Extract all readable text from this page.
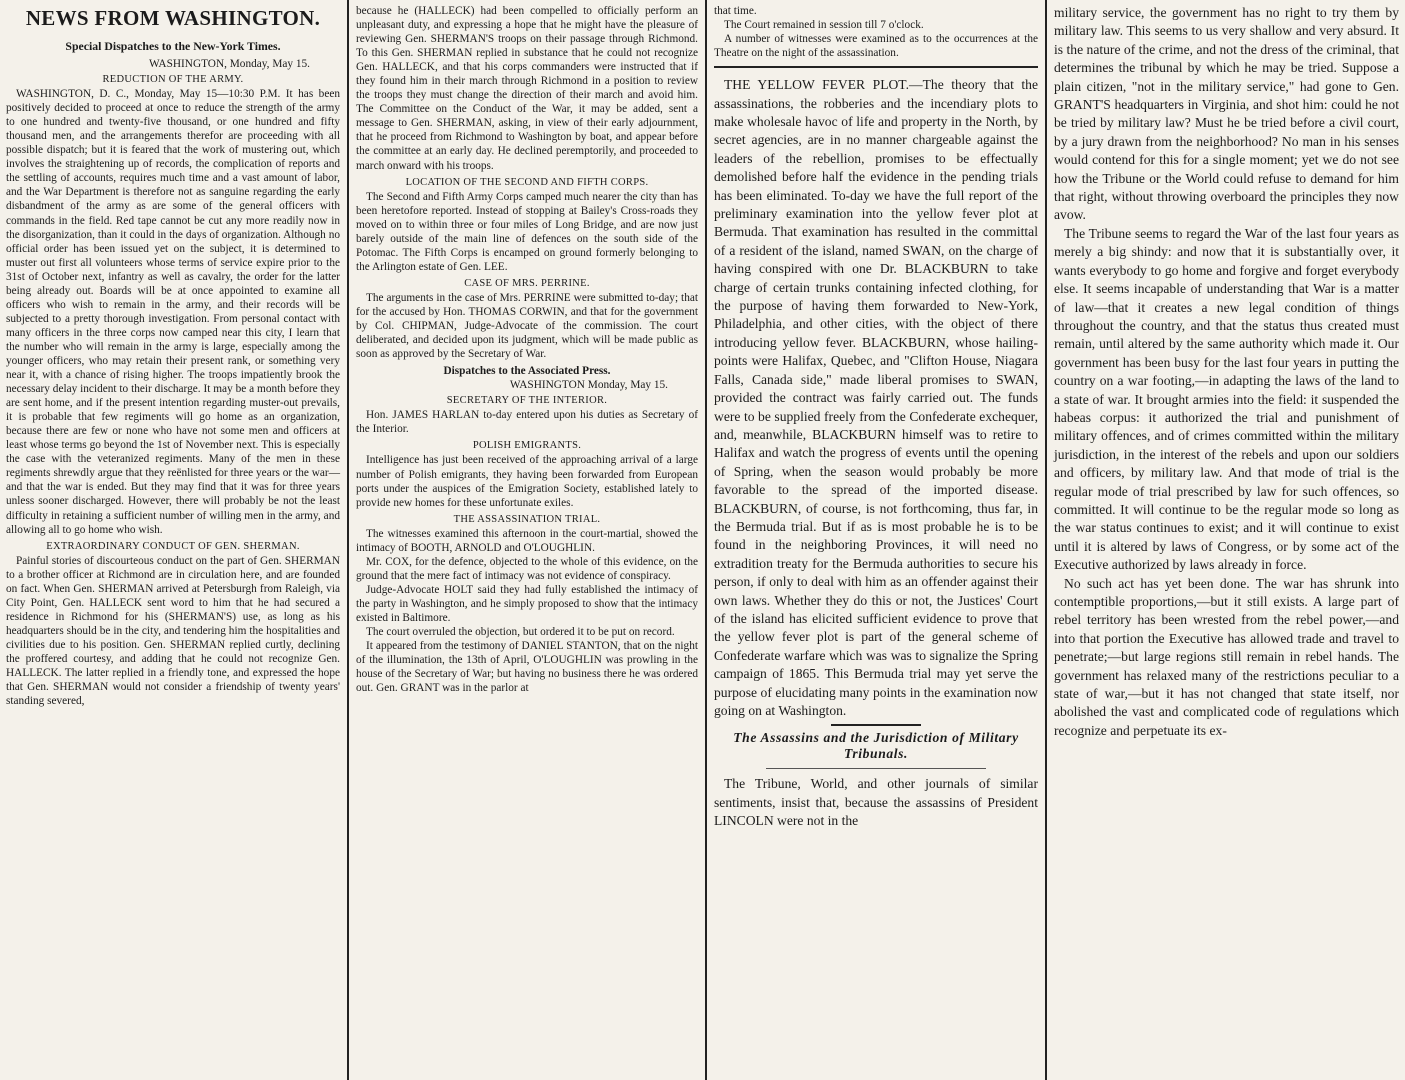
NEWS FROM WASHINGTON.
Special Dispatches to the New-York Times.

WASHINGTON, Monday, May 15.

REDUCTION OF THE ARMY.

WASHINGTON, D. C., Monday, May 15—10:30 P.M. It has been positively decided to proceed at once to reduce the strength of the army to one hundred and twenty-five thousand, or one hundred and fifty thousand men, and the arrangements therefor are proceeding with all possible dispatch; but it is feared that the work of mustering out, which involves the straightening up of records, the complication of reports and the settling of accounts, requires much time and a vast amount of labor, and the War Department is therefore not as sanguine regarding the early disbandment of the army as are some of the general officers with commands in the field. Red tape cannot be cut any more readily now in the disorganization, than it could in the days of organization. Although no official order has been issued yet on the subject, it is determined to muster out first all volunteers whose terms of service expire prior to the 31st of October next, infantry as well as cavalry, the order for the latter being already out. Boards will be at once appointed to examine all officers who wish to remain in the army, and their records will be subjected to a pretty thorough investigation. From personal contact with many officers in the three corps now camped near this city, I learn that the number who will remain in the army is large, especially among the younger officers, who may retain their present rank, or something very near it, with a chance of rising higher. The troops impatiently brook the necessary delay incident to their discharge. It may be a month before they are sent home, and if the present intention regarding muster-out prevails, it is probable that few regiments will go home as an organization, because there are few or none who have not some men and officers at least whose terms go beyond the 1st of November next. This is especially the case with the veteranized regiments. Many of the men in these regiments shrewdly argue that they reënlisted for three years or the war—and that the war is ended. But they may find that it was for three years unless sooner discharged. However, there will probably be not the least difficulty in retaining a sufficient number of willing men in the army, and allowing all to go home who wish.

EXTRAORDINARY CONDUCT OF GEN. SHERMAN.

Painful stories of discourteous conduct on the part of Gen. SHERMAN to a brother officer at Richmond are in circulation here, and are founded on fact. When Gen. SHERMAN arrived at Petersburgh from Raleigh, via City Point, Gen. HALLECK sent word to him that he had secured a residence in Richmond for his (SHERMAN'S) use, as long as his headquarters should be in the city, and tendering him the hospitalities and civilities due to his position. Gen. SHERMAN replied curtly, declining the proffered courtesy, and adding that he could not recognize Gen. HALLECK. The latter replied in a friendly tone, and expressed the hope that Gen. SHERMAN would not consider a friendship of twenty years' standing severed,

because he (HALLECK) had been compelled to officially perform an unpleasant duty, and expressing a hope that he might have the pleasure of reviewing Gen. SHERMAN'S troops on their passage through Richmond. To this Gen. SHERMAN replied in substance that he could not recognize Gen. HALLECK, and that his corps commanders were instructed that if they found him in their march through Richmond in a position to review the troops they must change the direction of their march and avoid him. The Committee on the Conduct of the War, it may be added, sent a message to Gen. SHERMAN, asking, in view of their early adjournment, that he proceed from Richmond to Washington by boat, and appear before the committee at an early day. He declined peremptorily, and proceeded to march onward with his troops.

LOCATION OF THE SECOND AND FIFTH CORPS.

The Second and Fifth Army Corps camped much nearer the city than has been heretofore reported. Instead of stopping at Bailey's Cross-roads they moved on to within three or four miles of Long Bridge, and are now just barely outside of the main line of defences on the south side of the Potomac. The Fifth Corps is encamped on ground formerly belonging to the Arlington estate of Gen. LEE.

CASE OF MRS. PERRINE.

The arguments in the case of Mrs. PERRINE were submitted to-day; that for the accused by Hon. THOMAS CORWIN, and that for the government by Col. CHIPMAN, Judge-Advocate of the commission. The court deliberated, and decided upon its judgment, which will be made public as soon as approved by the Secretary of War.

Dispatches to the Associated Press.

WASHINGTON Monday, May 15.

SECRETARY OF THE INTERIOR.

Hon. JAMES HARLAN to-day entered upon his duties as Secretary of the Interior.

POLISH EMIGRANTS.

Intelligence has just been received of the approaching arrival of a large number of Polish emigrants, they having been forwarded from European ports under the auspices of the Emigration Society, established lately to provide new homes for these unfortunate exiles.

THE ASSASSINATION TRIAL.

The witnesses examined this afternoon in the court-martial, showed the intimacy of BOOTH, ARNOLD and O'LOUGHLIN.

Mr. COX, for the defence, objected to the whole of this evidence, on the ground that the mere fact of intimacy was not evidence of conspiracy.

Judge-Advocate HOLT said they had fully established the intimacy of the party in Washington, and he simply proposed to show that the intimacy existed in Baltimore.

The court overruled the objection, but ordered it to be put on record.

It appeared from the testimony of DANIEL STANTON, that on the night of the illumination, the 13th of April, O'LOUGHLIN was prowling in the house of the Secretary of War; but having no business there he was ordered out. Gen. GRANT was in the parlor at

that time.

The Court remained in session till 7 o'clock.

A number of witnesses were examined as to the occurrences at the Theatre on the night of the assassination.

THE YELLOW FEVER PLOT.—The theory that the assassinations, the robberies and the incendiary plots to make wholesale havoc of life and property in the North, by secret agencies, are in no manner chargeable against the leaders of the rebellion, promises to be effectually demolished before half the evidence in the pending trials has been eliminated. To-day we have the full report of the preliminary examination into the yellow fever plot at Bermuda. That examination has resulted in the committal of a resident of the island, named SWAN, on the charge of having conspired with one Dr. BLACKBURN to take charge of certain trunks containing infected clothing, for the purpose of having them forwarded to New-York, Philadelphia, and other cities, with the object of there introducing yellow fever. BLACKBURN, whose hailing-points were Halifax, Quebec, and "Clifton House, Niagara Falls, Canada side," made liberal promises to SWAN, provided the contract was fairly carried out. The funds were to be supplied freely from the Confederate exchequer, and, meanwhile, BLACKBURN himself was to retire to Halifax and watch the progress of events until the opening of Spring, when the season would probably be more favorable to the spread of the imported disease. BLACKBURN, of course, is not forthcoming, thus far, in the Bermuda trial. But if as is most probable he is to be found in the neighboring Provinces, it will need no extradition treaty for the Bermuda authorities to secure his person, if only to deal with him as an offender against their own laws. Whether they do this or not, the Justices' Court of the island has elicited sufficient evidence to prove that the yellow fever plot is part of the general scheme of Confederate warfare which was was to signalize the Spring campaign of 1865. This Bermuda trial may yet serve the purpose of elucidating many points in the examination now going on at Washington.

The Assassins and the Jurisdiction of Military Tribunals.

The Tribune, World, and other journals of similar sentiments, insist that, because the assassins of President LINCOLN were not in the

military service, the government has no right to try them by military law. This seems to us very shallow and very absurd. It is the nature of the crime, and not the dress of the criminal, that determines the tribunal by which he may be tried. Suppose a plain citizen, "not in the military service," had gone to Gen. GRANT'S headquarters in Virginia, and shot him: could he not be tried by military law? Must he be tried before a civil court, by a jury drawn from the neighborhood? No man in his senses would contend for this for a single moment; yet we do not see how the Tribune or the World could refuse to demand for him that right, without throwing overboard the principles they now avow.

The Tribune seems to regard the War of the last four years as merely a big shindy: and now that it is substantially over, it wants everybody to go home and forgive and forget everybody else. It seems incapable of understanding that War is a matter of law—that it creates a new legal condition of things throughout the country, and that the status thus created must remain, until altered by the same authority which made it. Our government has been busy for the last four years in putting the country on a war footing,—in adapting the laws of the land to a state of war. It brought armies into the field: it suspended the habeas corpus: it authorized the trial and punishment of military offences, and of crimes committed within the military jurisdiction, in the interest of the rebels and upon our soldiers and officers, by military law. And that mode of trial is the regular mode of trial prescribed by law for such offences, so committed. It will continue to be the regular mode so long as the war status continues to exist; and it will continue to exist until it is altered by laws of Congress, or by some act of the Executive authorized by laws already in force.

No such act has yet been done. The war has shrunk into contemptible proportions,—but it still exists. A large part of rebel territory has been wrested from the rebel power,—and into that portion the Executive has allowed trade and travel to penetrate;—but large regions still remain in rebel hands. The government has relaxed many of the restrictions peculiar to a state of war,—but it has not changed that state itself, nor abolished the vast and complicated code of regulations which recognize and perpetuate its ex-
